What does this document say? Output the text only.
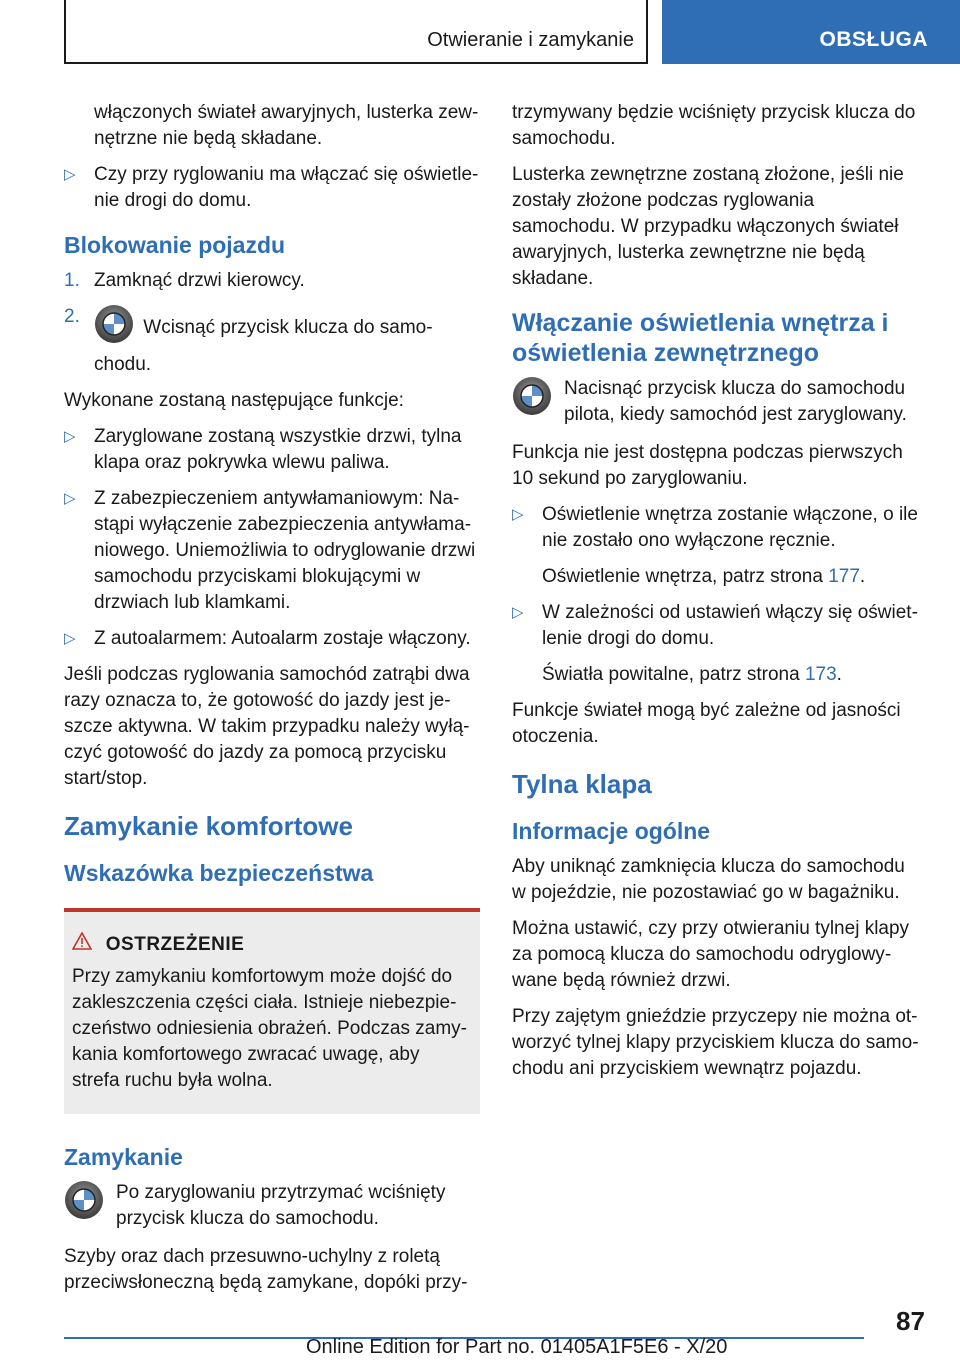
Otwieranie i zamykanie	OBSŁUGA

włączonych świateł awaryjnych, lusterka zewnętrzne nie będą składane.

▷ Czy przy ryglowaniu ma włączać się oświetlenie drogi do domu.
Blokowanie pojazdu
1. Zamknąć drzwi kierowcy.
2.
Wcisnąć przycisk klucza do samochodu.

Wykonane zostaną następujące funkcje:

▷ Zaryglowane zostaną wszystkie drzwi, tylna klapa oraz pokrywka wlewu paliwa.
▷ Z zabezpieczeniem antywłamaniowym: Nastąpi wyłączenie zabezpieczenia antywłamaniowego. Uniemożliwia to odryglowanie drzwi samochodu przyciskami blokującymi w drzwiach lub klamkami.
▷ Z autoalarmem: Autoalarm zostaje włączony.

Jeśli podczas ryglowania samochód zatrąbi dwa razy oznacza to, że gotowość do jazdy jest jeszcze aktywna. W takim przypadku należy wyłączyć gotowość do jazdy za pomocą przycisku start/stop.

Zamykanie komfortowe
Wskazówka bezpieczeństwa
OSTRZEŻENIE

Przy zamykaniu komfortowym może dojść do zakleszczenia części ciała. Istnieje niebezpieczeństwo odniesienia obrażeń. Podczas zamykania komfortowego zwracać uwagę, aby strefa ruchu była wolna.

Zamykanie
Po zaryglowaniu przytrzymać wciśnięty przycisk klucza do samochodu.

Szyby oraz dach przesuwno-uchylny z roletą przeciwsłoneczną będą zamykane, dopóki przy-

trzymywany będzie wciśnięty przycisk klucza do samochodu.

Lusterka zewnętrzne zostaną złożone, jeśli nie zostały złożone podczas ryglowania samochodu. W przypadku włączonych świateł awaryjnych, lusterka zewnętrzne nie będą składane.

Włączanie oświetlenia wnętrza i oświetlenia zewnętrznego
Nacisnąć przycisk klucza do samochodu pilota, kiedy samochód jest zaryglowany.

Funkcja nie jest dostępna podczas pierwszych 10 sekund po zaryglowaniu.

▷ Oświetlenie wnętrza zostanie włączone, o ile nie zostało ono wyłączone ręcznie.

Oświetlenie wnętrza, patrz strona 177.

▷ W zależności od ustawień włączy się oświetlenie drogi do domu.

Światła powitalne, patrz strona 173.

Funkcje świateł mogą być zależne od jasności otoczenia.

Tylna klapa
Informacje ogólne

Aby uniknąć zamknięcia klucza do samochodu w pojeździe, nie pozostawiać go w bagażniku.

Można ustawić, czy przy otwieraniu tylnej klapy za pomocą klucza do samochodu odryglowywane będą również drzwi.

Przy zajętym gnieździe przyczepy nie można otworzyć tylnej klapy przyciskiem klucza do samochodu ani przyciskiem wewnątrz pojazdu.

87
Online Edition for Part no. 01405A1F5E6 - X/20
